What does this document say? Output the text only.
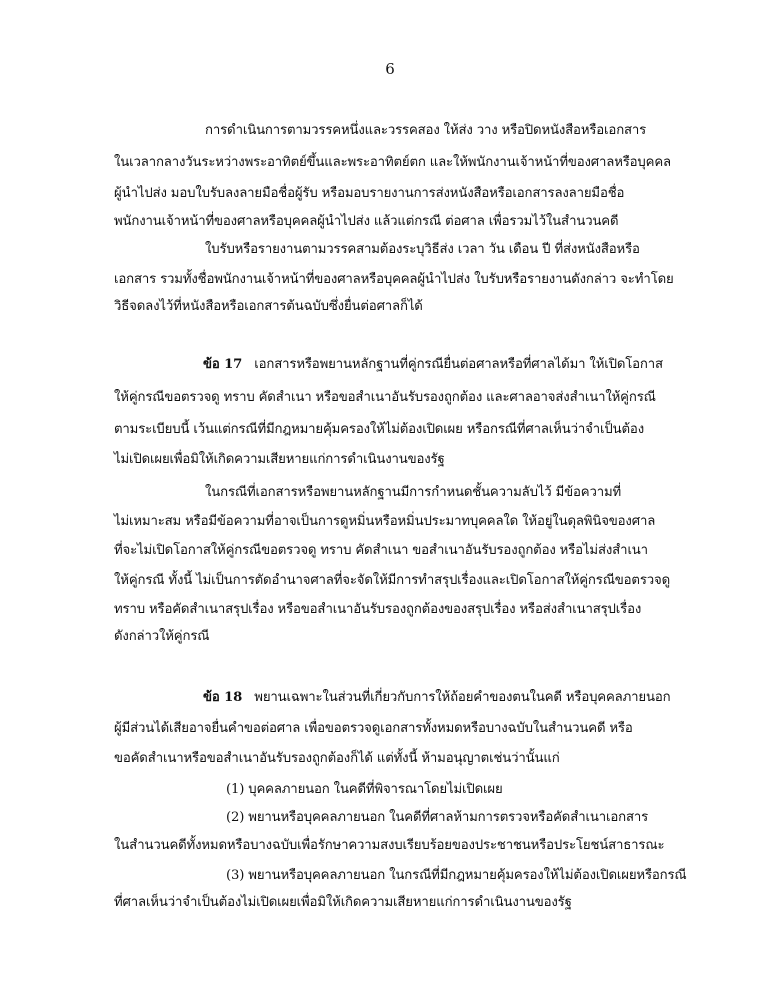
6
การดำเนินการตามวรรคหนึ่งและวรรคสอง ให้ส่ง วาง หรือปิดหนังสือหรือเอกสาร
ในเวลากลางวันระหว่างพระอาทิตย์ขึ้นและพระอาทิตย์ตก และให้พนักงานเจ้าหน้าที่ของศาลหรือบุคคล
ผู้นำไปส่ง มอบใบรับลงลายมือชื่อผู้รับ หรือมอบรายงานการส่งหนังสือหรือเอกสารลงลายมือชื่อ
พนักงานเจ้าหน้าที่ของศาลหรือบุคคลผู้นำไปส่ง แล้วแต่กรณี ต่อศาล เพื่อรวมไว้ในสำนวนคดี
ใบรับหรือรายงานตามวรรคสามต้องระบุวิธีส่ง เวลา วัน เดือน ปี ที่ส่งหนังสือหรือ
เอกสาร รวมทั้งชื่อพนักงานเจ้าหน้าที่ของศาลหรือบุคคลผู้นำไปส่ง ใบรับหรือรายงานดังกล่าว จะทำโดย
วิธีจดลงไว้ที่หนังสือหรือเอกสารต้นฉบับซึ่งยื่นต่อศาลก็ได้
ข้อ 17 เอกสารหรือพยานหลักฐานที่คู่กรณียื่นต่อศาลหรือที่ศาลได้มา ให้เปิดโอกาส
ให้คู่กรณีขอตรวจดู ทราบ คัดสำเนา หรือขอสำเนาอันรับรองถูกต้อง และศาลอาจส่งสำเนาให้คู่กรณี
ตามระเบียบนี้ เว้นแต่กรณีที่มีกฎหมายคุ้มครองให้ไม่ต้องเปิดเผย หรือกรณีที่ศาลเห็นว่าจำเป็นต้อง
ไม่เปิดเผยเพื่อมิให้เกิดความเสียหายแก่การดำเนินงานของรัฐ
ในกรณีที่เอกสารหรือพยานหลักฐานมีการกำหนดชั้นความลับไว้ มีข้อความที่
ไม่เหมาะสม หรือมีข้อความที่อาจเป็นการดูหมิ่นหรือหมิ่นประมาทบุคคลใด ให้อยู่ในดุลพินิจของศาล
ที่จะไม่เปิดโอกาสให้คู่กรณีขอตรวจดู ทราบ คัดสำเนา ขอสำเนาอันรับรองถูกต้อง หรือไม่ส่งสำเนา
ให้คู่กรณี ทั้งนี้ ไม่เป็นการตัดอำนาจศาลที่จะจัดให้มีการทำสรุปเรื่องและเปิดโอกาสให้คู่กรณีขอตรวจดู
ทราบ หรือคัดสำเนาสรุปเรื่อง หรือขอสำเนาอันรับรองถูกต้องของสรุปเรื่อง หรือส่งสำเนาสรุปเรื่อง
ดังกล่าวให้คู่กรณี
ข้อ 18 พยานเฉพาะในส่วนที่เกี่ยวกับการให้ถ้อยคำของตนในคดี หรือบุคคลภายนอก
ผู้มีส่วนได้เสียอาจยื่นคำขอต่อศาล เพื่อขอตรวจดูเอกสารทั้งหมดหรือบางฉบับในสำนวนคดี หรือ
ขอคัดสำเนาหรือขอสำเนาอันรับรองถูกต้องก็ได้ แต่ทั้งนี้ ห้ามอนุญาตเช่นว่านั้นแก่
(1) บุคคลภายนอก ในคดีที่พิจารณาโดยไม่เปิดเผย
(2) พยานหรือบุคคลภายนอก ในคดีที่ศาลห้ามการตรวจหรือคัดสำเนาเอกสาร
ในสำนวนคดีทั้งหมดหรือบางฉบับเพื่อรักษาความสงบเรียบร้อยของประชาชนหรือประโยชน์สาธารณะ
(3) พยานหรือบุคคลภายนอก ในกรณีที่มีกฎหมายคุ้มครองให้ไม่ต้องเปิดเผยหรือกรณี
ที่ศาลเห็นว่าจำเป็นต้องไม่เปิดเผยเพื่อมิให้เกิดความเสียหายแก่การดำเนินงานของรัฐ
